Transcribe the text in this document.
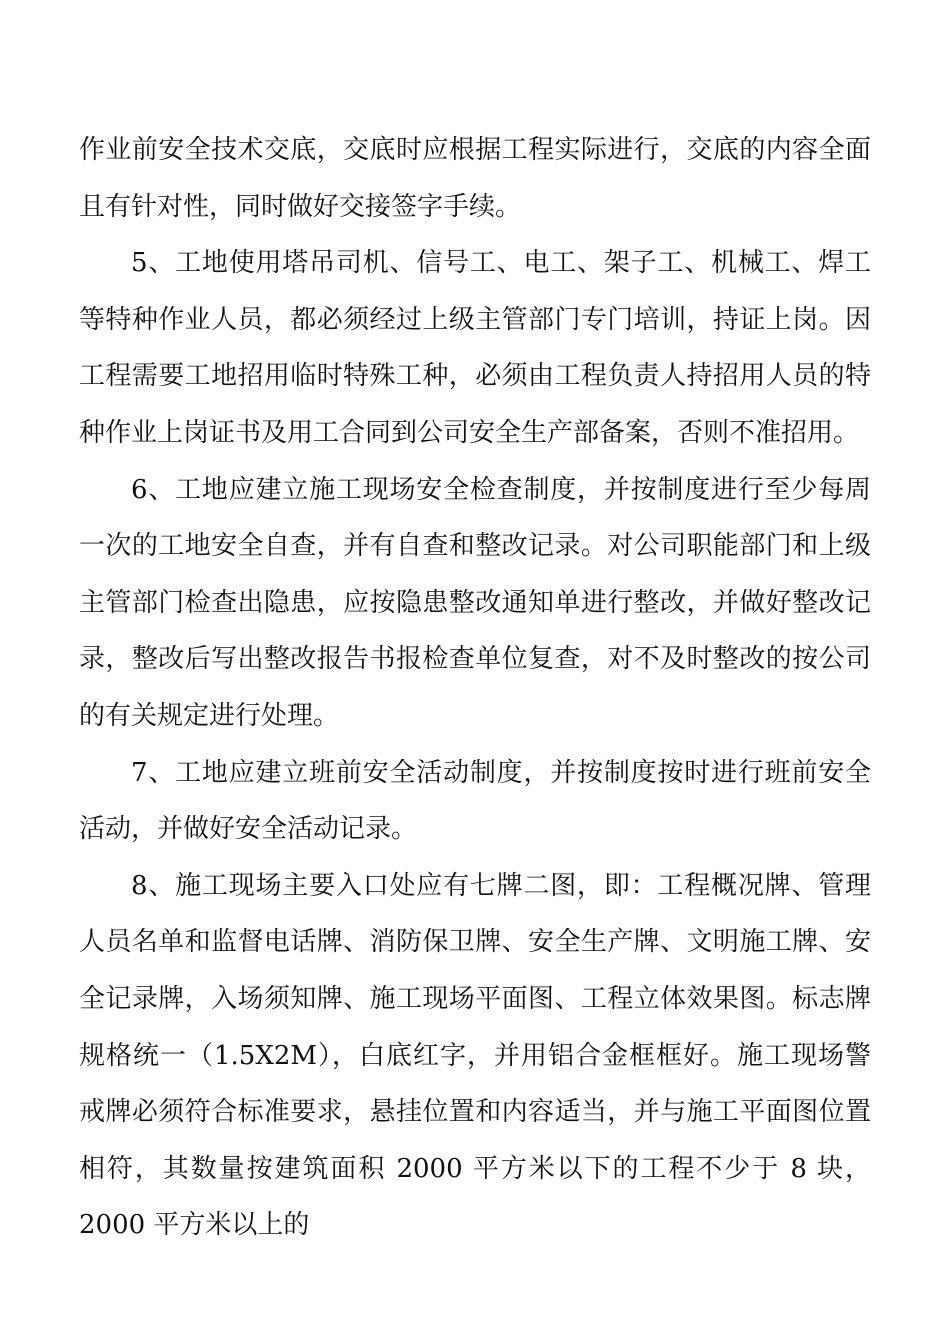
作业前安全技术交底，交底时应根据工程实际进行，交底的内容全面且有针对性，同时做好交接签字手续。

5、工地使用塔吊司机、信号工、电工、架子工、机械工、焊工等特种作业人员，都必须经过上级主管部门专门培训，持证上岗。因工程需要工地招用临时特殊工种，必须由工程负责人持招用人员的特种作业上岗证书及用工合同到公司安全生产部备案，否则不准招用。

6、工地应建立施工现场安全检查制度，并按制度进行至少每周一次的工地安全自查，并有自查和整改记录。对公司职能部门和上级主管部门检查出隐患，应按隐患整改通知单进行整改，并做好整改记录，整改后写出整改报告书报检查单位复查，对不及时整改的按公司的有关规定进行处理。

7、工地应建立班前安全活动制度，并按制度按时进行班前安全活动，并做好安全活动记录。

8、施工现场主要入口处应有七牌二图，即：工程概况牌、管理人员名单和监督电话牌、消防保卫牌、安全生产牌、文明施工牌、安全记录牌，入场须知牌、施工现场平面图、工程立体效果图。标志牌规格统一（1.5X2M），白底红字，并用铝合金框框好。施工现场警戒牌必须符合标准要求，悬挂位置和内容适当，并与施工平面图位置相符，其数量按建筑面积 2000 平方米以下的工程不少于 8 块，2000 平方米以上的
